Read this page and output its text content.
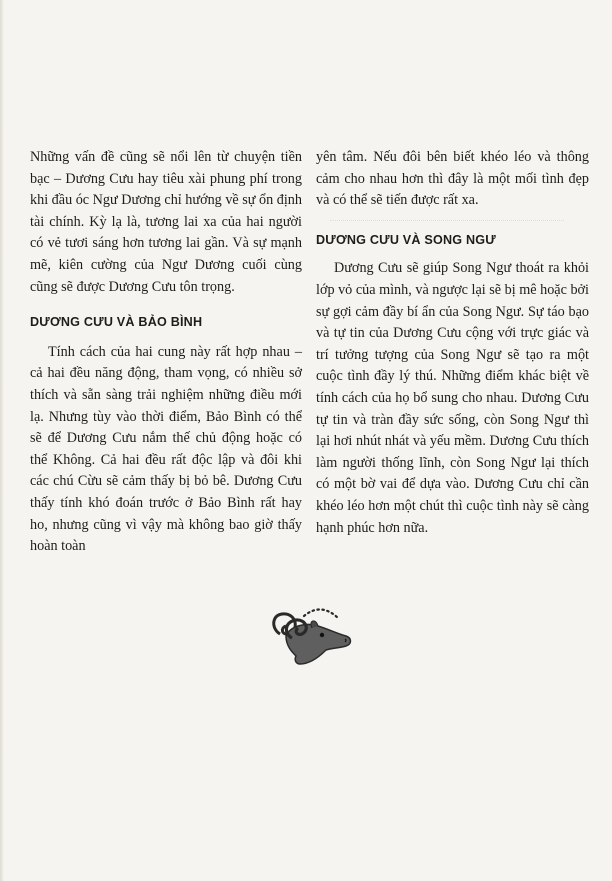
Những vấn đề cũng sẽ nổi lên từ chuyện tiền bạc – Dương Cưu hay tiêu xài phung phí trong khi đầu óc Ngư Dương chỉ hướng về sự ổn định tài chính. Kỳ lạ là, tương lai xa của hai người có vẻ tươi sáng hơn tương lai gần. Và sự mạnh mẽ, kiên cường của Ngư Dương cuối cùng cũng sẽ được Dương Cưu tôn trọng.

DƯƠNG CƯU VÀ BẢO BÌNH

Tính cách của hai cung này rất hợp nhau – cả hai đều năng động, tham vọng, có nhiều sở thích và sẵn sàng trải nghiệm những điều mới lạ. Nhưng tùy vào thời điểm, Bảo Bình có thể sẽ để Dương Cưu nắm thế chủ động hoặc có thể Không. Cả hai đều rất độc lập và đôi khi các chú Cừu sẽ cảm thấy bị bỏ bê. Dương Cưu thấy tính khó đoán trước ở Bảo Bình rất hay ho, nhưng cũng vì vậy mà không bao giờ thấy hoàn toàn

yên tâm. Nếu đôi bên biết khéo léo và thông cảm cho nhau hơn thì đây là một mối tình đẹp và có thể sẽ tiến được rất xa.

DƯƠNG CƯU VÀ SONG NGƯ

Dương Cưu sẽ giúp Song Ngư thoát ra khỏi lớp vỏ của mình, và ngược lại sẽ bị mê hoặc bởi sự gợi cảm đầy bí ẩn của Song Ngư. Sự táo bạo và tự tin của Dương Cưu cộng với trực giác và trí tưởng tượng của Song Ngư sẽ tạo ra một cuộc tình đầy lý thú. Những điểm khác biệt về tính cách của họ bổ sung cho nhau. Dương Cưu tự tin và tràn đầy sức sống, còn Song Ngư thì lại hơi nhút nhát và yếu mềm. Dương Cưu thích làm người thống lĩnh, còn Song Ngư lại thích có một bờ vai để dựa vào. Dương Cưu chỉ cần khéo léo hơn một chút thì cuộc tình này sẽ càng hạnh phúc hơn nữa.
